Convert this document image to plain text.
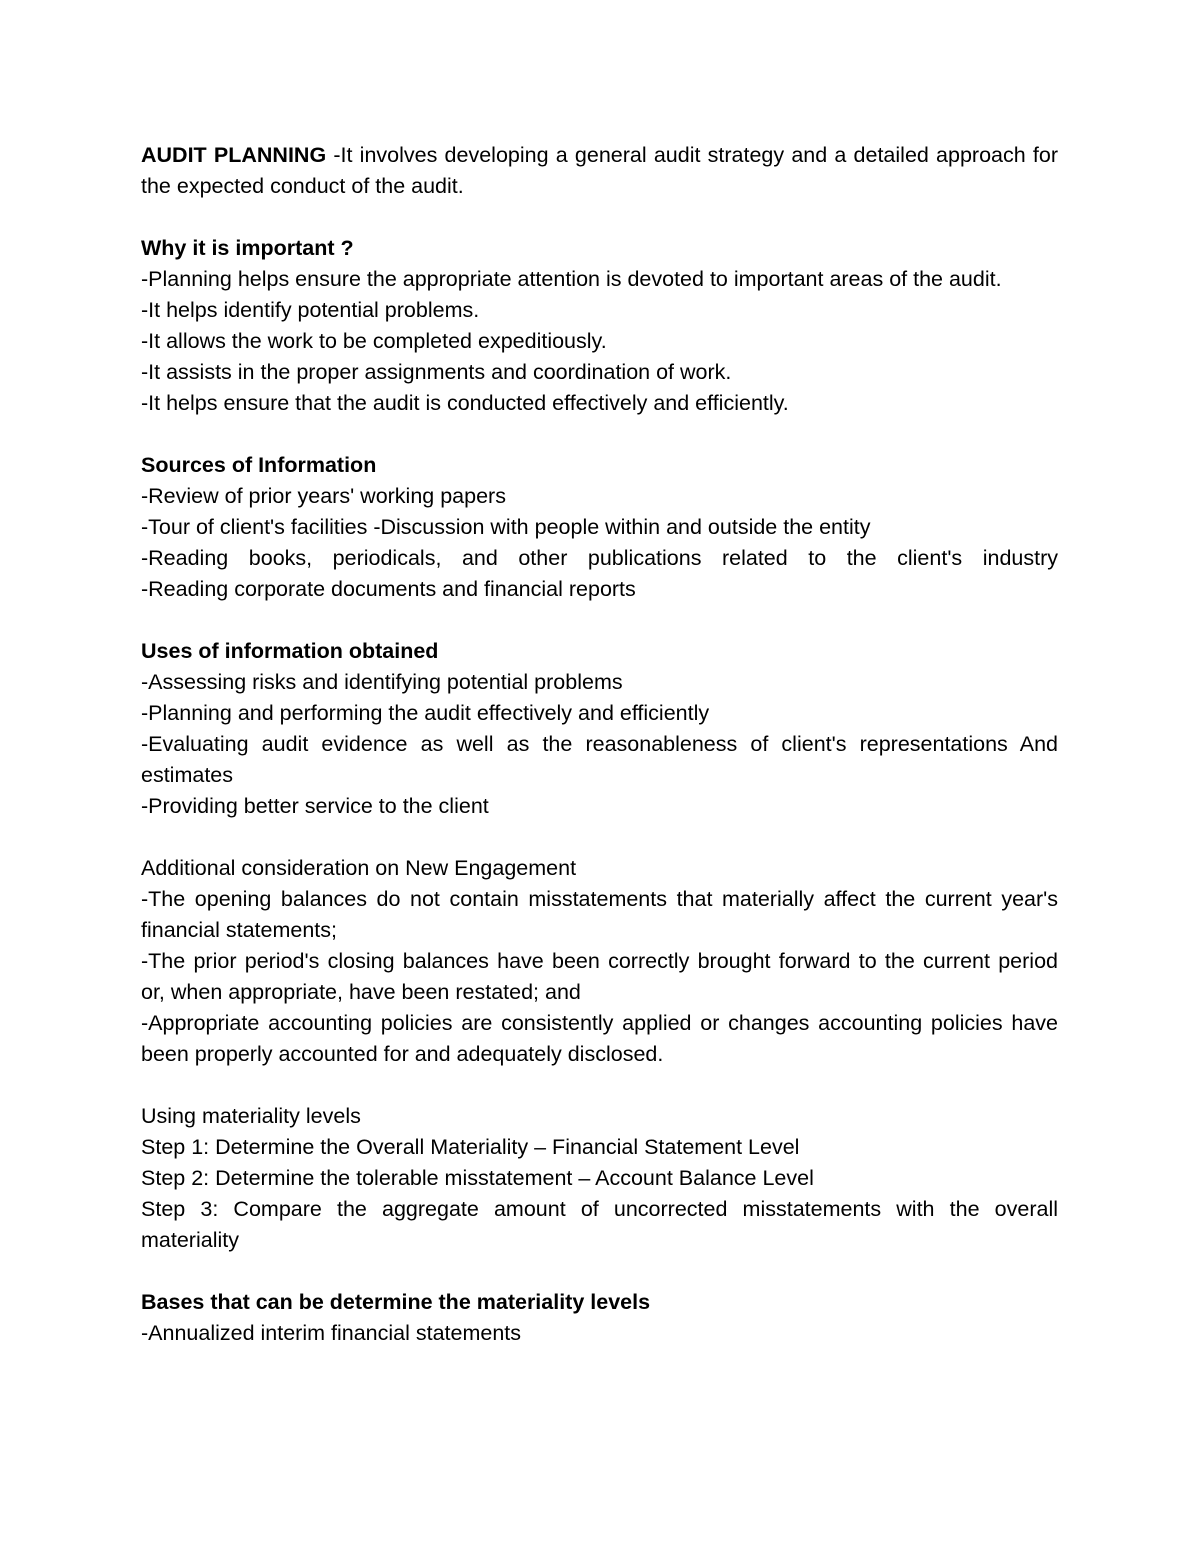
AUDIT PLANNING -It involves developing a general audit strategy and a detailed approach for the expected conduct of the audit.

Why it is important ?

-Planning helps ensure the appropriate attention is devoted to important areas of the audit.

-It helps identify potential problems.
-It allows the work to be completed expeditiously.
-It assists in the proper assignments and coordination of work.
-It helps ensure that the audit is conducted effectively and efficiently.
Sources of Information
-Review of prior years' working papers
-Tour of client's facilities -Discussion with people within and outside the entity

-Reading books, periodicals, and other publications related to the client's industry

-Reading corporate documents and financial reports
Uses of information obtained
-Assessing risks and identifying potential problems
-Planning and performing the audit effectively and efficiently

-Evaluating audit evidence as well as the reasonableness of client's representations And estimates

-Providing better service to the client
Additional consideration on New Engagement

-The opening balances do not contain misstatements that materially affect the current year's financial statements;

-The prior period's closing balances have been correctly brought forward to the current period or, when appropriate, have been restated; and

-Appropriate accounting policies are consistently applied or changes accounting policies have been properly accounted for and adequately disclosed.

Using materiality levels
Step 1: Determine the Overall Materiality – Financial Statement Level
Step 2: Determine the tolerable misstatement – Account Balance Level

Step 3: Compare the aggregate amount of uncorrected misstatements with the overall materiality

Bases that can be determine the materiality levels
-Annualized interim financial statements
